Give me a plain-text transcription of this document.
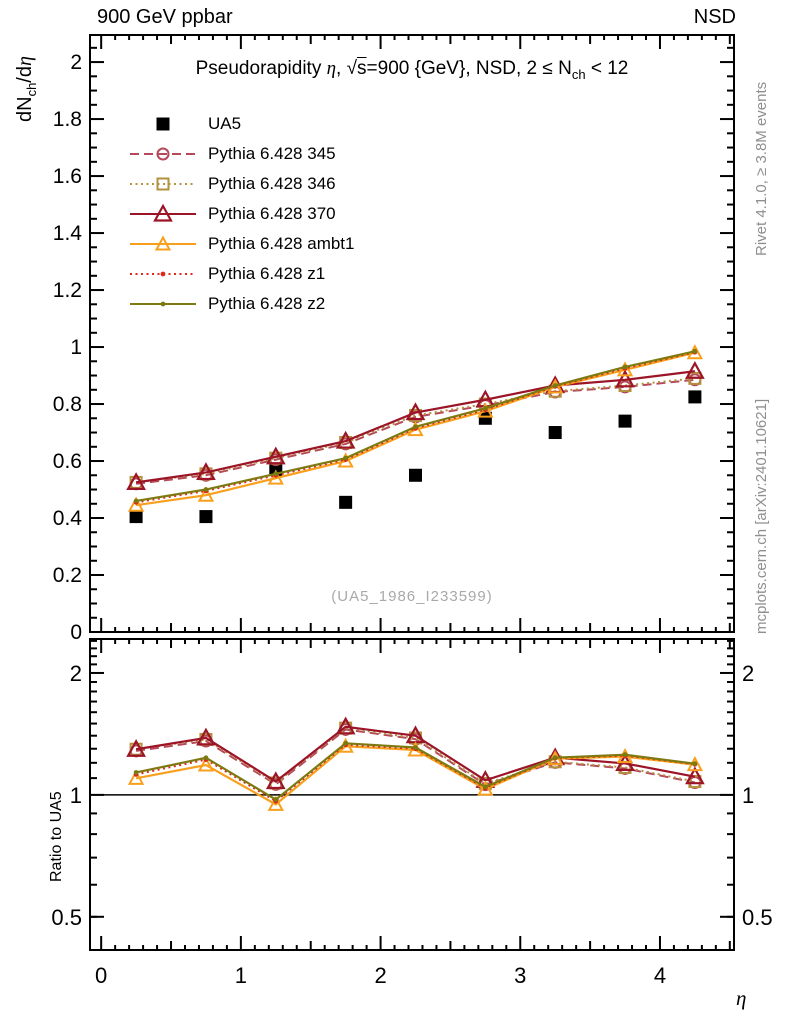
0	1	2	3	4
0
0.2
0.4
0.6
0.8
1
1.2
1.4
1.6
1.8
2
0.5	0.5
1	1
2	2
900 GeV ppbar	NSD
Pseudorapidity η, √s=900 {GeV}, NSD, $2 \le N_{ch} < 12$
UA5
Pythia 6.428 345
Pythia 6.428 346
Pythia 6.428 370
Pythia 6.428 ambt1
Pythia 6.428 z1
Pythia 6.428 z2
(UA5_1986_I233599)
$dN_{ch}/d\eta$
Ratio to UA5
Rivet 4.1.0, ≥ 3.8M events
mcplots.cern.ch [arXiv:2401.10621]
η
